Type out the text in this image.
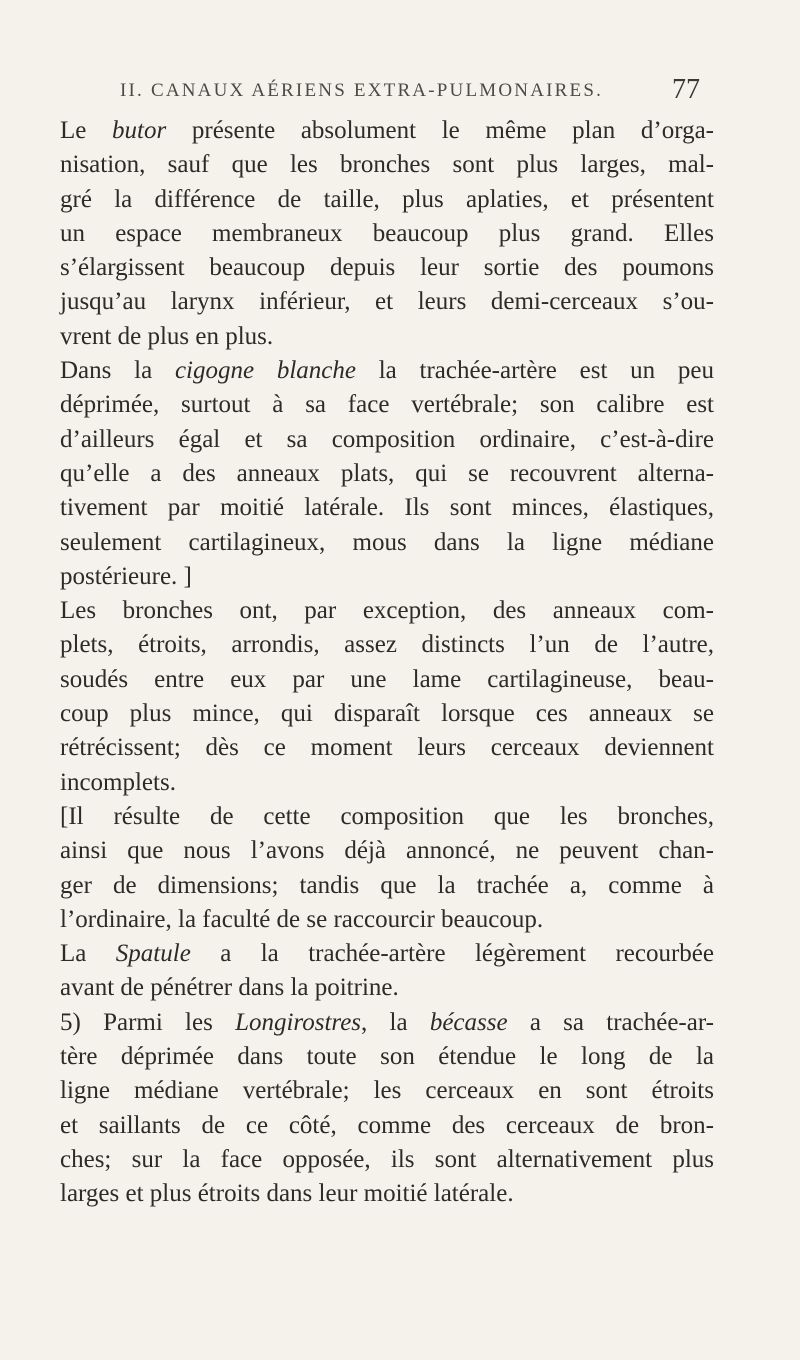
II. CANAUX AÉRIENS EXTRA-PULMONAIRES. 77
Le butor présente absolument le même plan d’orga-
nisation, sauf que les bronches sont plus larges, mal-
gré la différence de taille, plus aplaties, et présentent
un espace membraneux beaucoup plus grand. Elles
s’élargissent beaucoup depuis leur sortie des poumons
jusqu’au larynx inférieur, et leurs demi-cerceaux s’ou-
vrent de plus en plus.
Dans la cigogne blanche la trachée-artère est un peu
déprimée, surtout à sa face vertébrale; son calibre est
d’ailleurs égal et sa composition ordinaire, c’est-à-dire
qu’elle a des anneaux plats, qui se recouvrent alterna-
tivement par moitié latérale. Ils sont minces, élastiques,
seulement cartilagineux, mous dans la ligne médiane
postérieure. ]
Les bronches ont, par exception, des anneaux com-
plets, étroits, arrondis, assez distincts l’un de l’autre,
soudés entre eux par une lame cartilagineuse, beau-
coup plus mince, qui disparaît lorsque ces anneaux se
rétrécissent; dès ce moment leurs cerceaux deviennent
incomplets.
[Il résulte de cette composition que les bronches,
ainsi que nous l’avons déjà annoncé, ne peuvent chan-
ger de dimensions; tandis que la trachée a, comme à
l’ordinaire, la faculté de se raccourcir beaucoup.
La Spatule a la trachée-artère légèrement recourbée
avant de pénétrer dans la poitrine.
5) Parmi les Longirostres, la bécasse a sa trachée-ar-
tère déprimée dans toute son étendue le long de la
ligne médiane vertébrale; les cerceaux en sont étroits
et saillants de ce côté, comme des cerceaux de bron-
ches; sur la face opposée, ils sont alternativement plus
larges et plus étroits dans leur moitié latérale.
